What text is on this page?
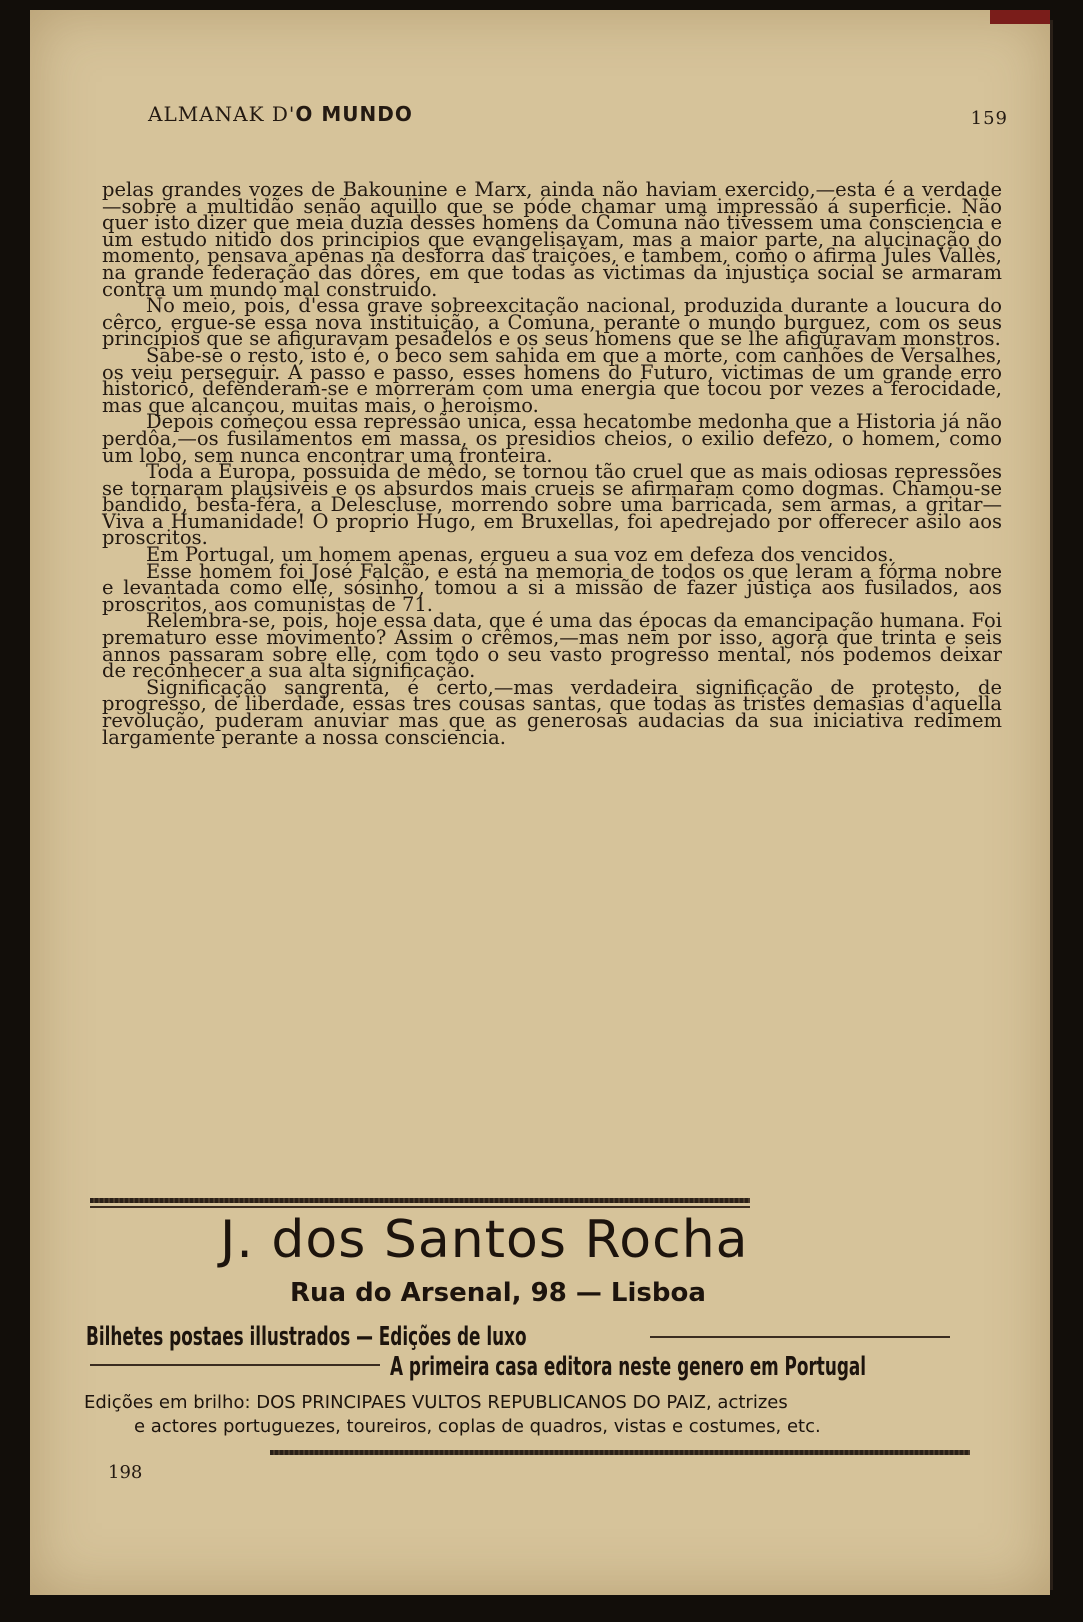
ALMANAK D'O MUNDO	159

pelas grandes vozes de Bakounine e Marx, ainda não haviam exercido,—esta é a verdade—sobre a multidão senão aquillo que se póde chamar uma impressão á superficie. Não quer isto dizer que meia duzia desses homens da Comuna não tivessem uma consciencia e um estudo nitido dos principios que evangelisavam, mas a maior parte, na alucinação do momento, pensava apenas na desforra das traições, e tambem, como o afirma Jules Vallès, na grande federação das dôres, em que todas as victimas da injustiça social se armaram contra um mundo mal construido.

No meio, pois, d'essa grave sobreexcitação nacional, produzida durante a loucura do cêrco, ergue-se essa nova instituição, a Comuna, perante o mundo burguez, com os seus principios que se afiguravam pesadelos e os seus homens que se lhe afiguravam monstros.

Sabe-se o resto, isto é, o beco sem sahida em que a morte, com canhões de Versalhes, os veiu perseguir. A passo e passo, esses homens do Futuro, victimas de um grande erro historico, defenderam-se e morreram com uma energia que tocou por vezes a ferocidade, mas que alcançou, muitas mais, o heroismo.

Depois começou essa repressão unica, essa hecatombe medonha que a Historia já não perdôa,—os fusilamentos em massa, os presidios cheios, o exilio defezo, o homem, como um lobo, sem nunca encontrar uma fronteira.

Toda a Europa, possuida de mêdo, se tornou tão cruel que as mais odiosas repressões se tornaram plausiveis e os absurdos mais crueis se afirmaram como dogmas. Chamou-se bandido, besta-féra, a Delescluse, morrendo sobre uma barricada, sem armas, a gritar—Viva a Humanidade! O proprio Hugo, em Bruxellas, foi apedrejado por offerecer asilo aos proscritos.

Em Portugal, um homem apenas, ergueu a sua voz em defeza dos vencidos.

Esse homem foi José Falcão, e está na memoria de todos os que leram a fórma nobre e levantada como elle, sósinho, tomou a si a missão de fazer justiça aos fusilados, aos proscritos, aos comunistas de 71.

Relembra-se, pois, hoje essa data, que é uma das épocas da emancipação humana. Foi prematuro esse movimento? Assim o crêmos,—mas nem por isso, agora que trinta e seis annos passaram sobre elle, com todo o seu vasto progresso mental, nós podemos deixar de reconhecer a sua alta significação.

Significação sangrenta, é certo,—mas verdadeira significação de protesto, de progresso, de liberdade, essas tres cousas santas, que todas as tristes demasias d'aquella revolução, puderam anuviar mas que as generosas audacias da sua iniciativa redimem largamente perante a nossa consciencia.

J. dos Santos Rocha
Rua do Arsenal, 98 — Lisboa
Bilhetes postaes illustrados — Edições de luxo
A primeira casa editora neste genero em Portugal
Edições em brilho: DOS PRINCIPAES VULTOS REPUBLICANOS DO PAIZ, actrizes
e actores portuguezes, toureiros, coplas de quadros, vistas e costumes, etc.
198
